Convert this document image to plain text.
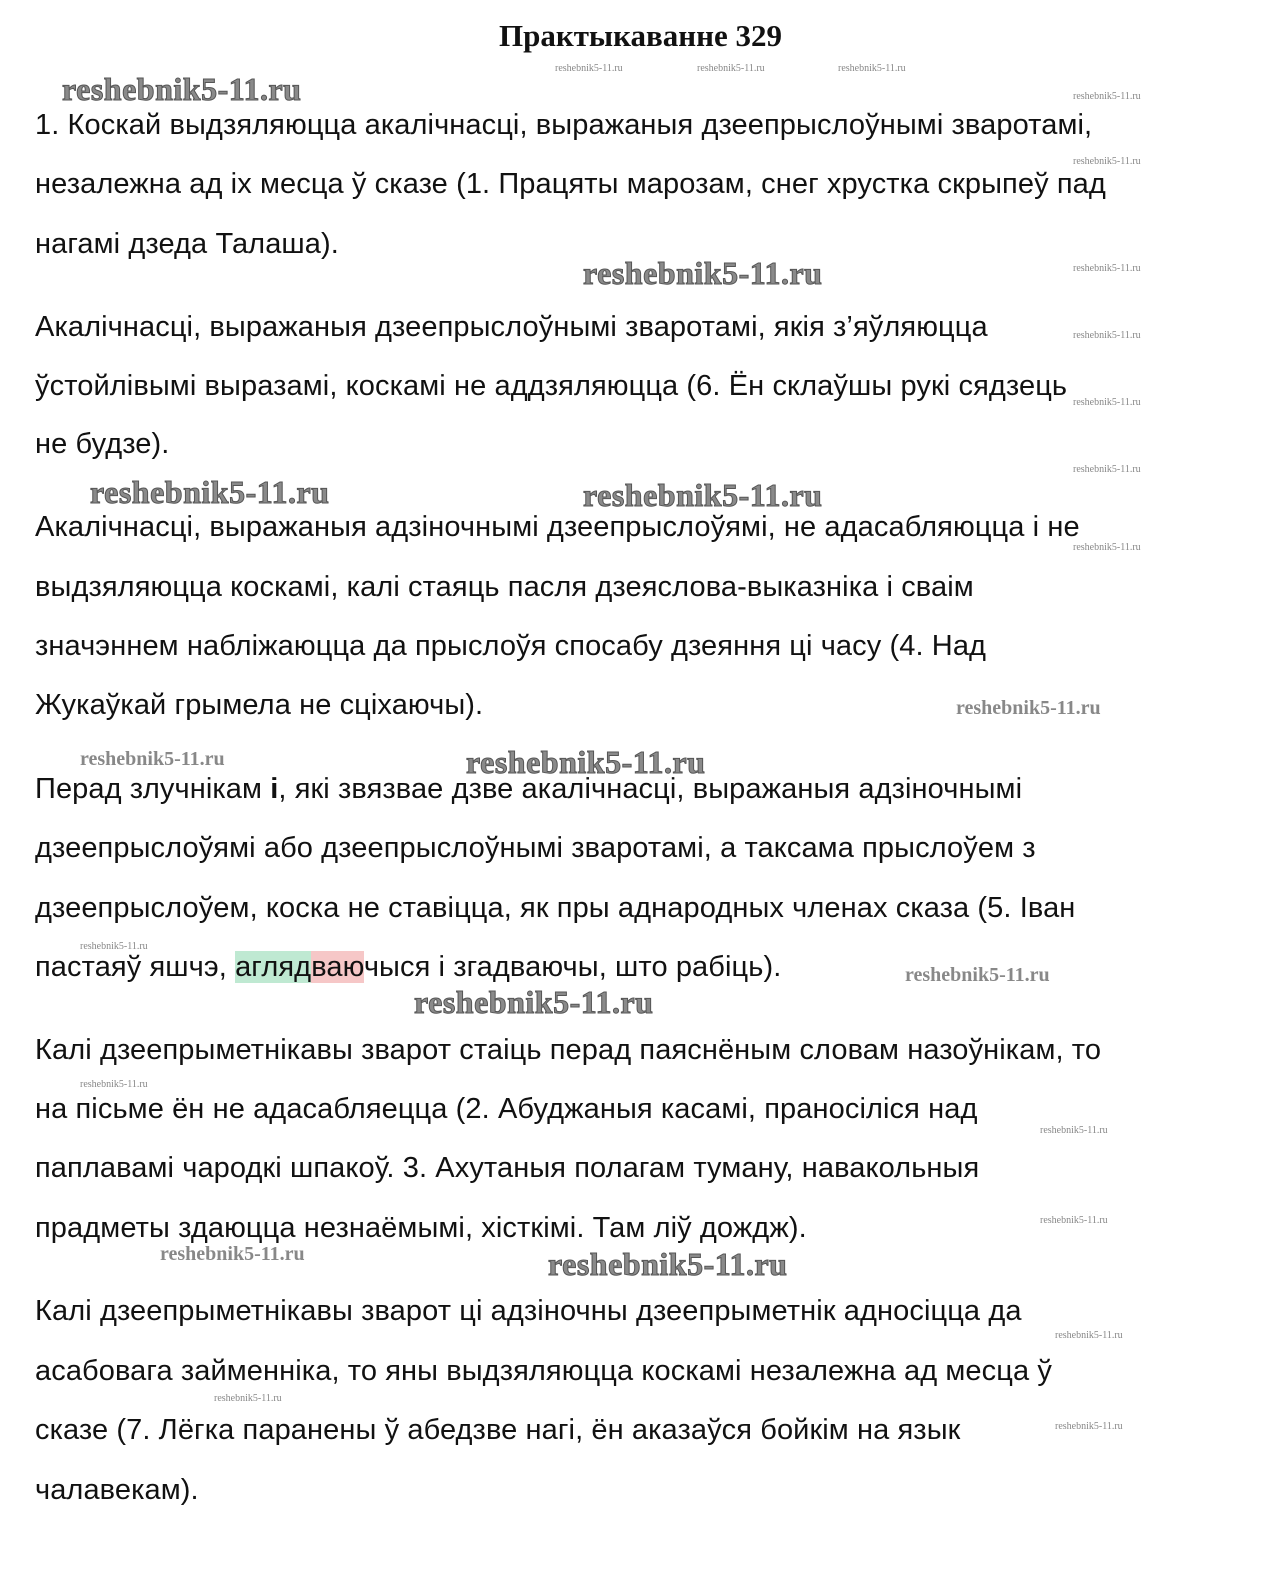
Практыкаванне 329
reshebnik5-11.ru	reshebnik5-11.ru	reshebnik5-11.ru
reshebnik5-11.ru	reshebnik5-11.ru
reshebnik5-11.ru
reshebnik5-11.ru	reshebnik5-11.ru
reshebnik5-11.ru
reshebnik5-11.ru
reshebnik5-11.ru
reshebnik5-11.ru	reshebnik5-11.ru
reshebnik5-11.ru
reshebnik5-11.ru
reshebnik5-11.ru	reshebnik5-11.ru
reshebnik5-11.ru
reshebnik5-11.ru
reshebnik5-11.ru
reshebnik5-11.ru
reshebnik5-11.ru
reshebnik5-11.ru
reshebnik5-11.ru	reshebnik5-11.ru
reshebnik5-11.ru
reshebnik5-11.ru
reshebnik5-11.ru
1. Коскай выдзяляюцца акалічнасці, выражаныя дзеепрыслоўнымі зваротамі,
незалежна ад іх месца ў сказе (1. Працяты марозам, снег хрустка скрыпеў пад
нагамі дзеда Талаша).
Акалічнасці, выражаныя дзеепрыслоўнымі зваротамі, якія з’яўляюцца
ўстойлівымі выразамі, коскамі не аддзяляюцца (6. Ён склаўшы рукі сядзець
не будзе).
Акалічнасці, выражаныя адзіночнымі дзеепрыслоўямі, не адасабляюцца і не
выдзяляюцца коскамі, калі стаяць пасля дзеяслова-выказніка і сваім
значэннем набліжаюцца да прыслоўя спосабу дзеяння ці часу (4. Над
Жукаўкай грымела не сціхаючы).
Перад злучнікам і, які звязвае дзве акалічнасці, выражаныя адзіночнымі
дзеепрыслоўямі або дзеепрыслоўнымі зваротамі, а таксама прыслоўем з
дзеепрыслоўем, коска не ставіцца, як пры аднародных членах сказа (5. Іван
пастаяў яшчэ, аглядваючыся і згадваючы, што рабіць).
Калі дзеепрыметнікавы зварот стаіць перад паяснёным словам назоўнікам, то
на пісьме ён не адасабляецца (2. Абуджаныя касамі, праносіліся над
паплавамі чародкі шпакоў. 3. Ахутаныя полагам туману, навакольныя
прадметы здаюцца незнаёмымі, хісткімі. Там ліў дождж).
Калі дзеепрыметнікавы зварот ці адзіночны дзеепрыметнік адносіцца да
асабовага займенніка, то яны выдзяляюцца коскамі незалежна ад месца ў
сказе (7. Лёгка паранены ў абедзве нагі, ён аказаўся бойкім на язык
чалавекам).
